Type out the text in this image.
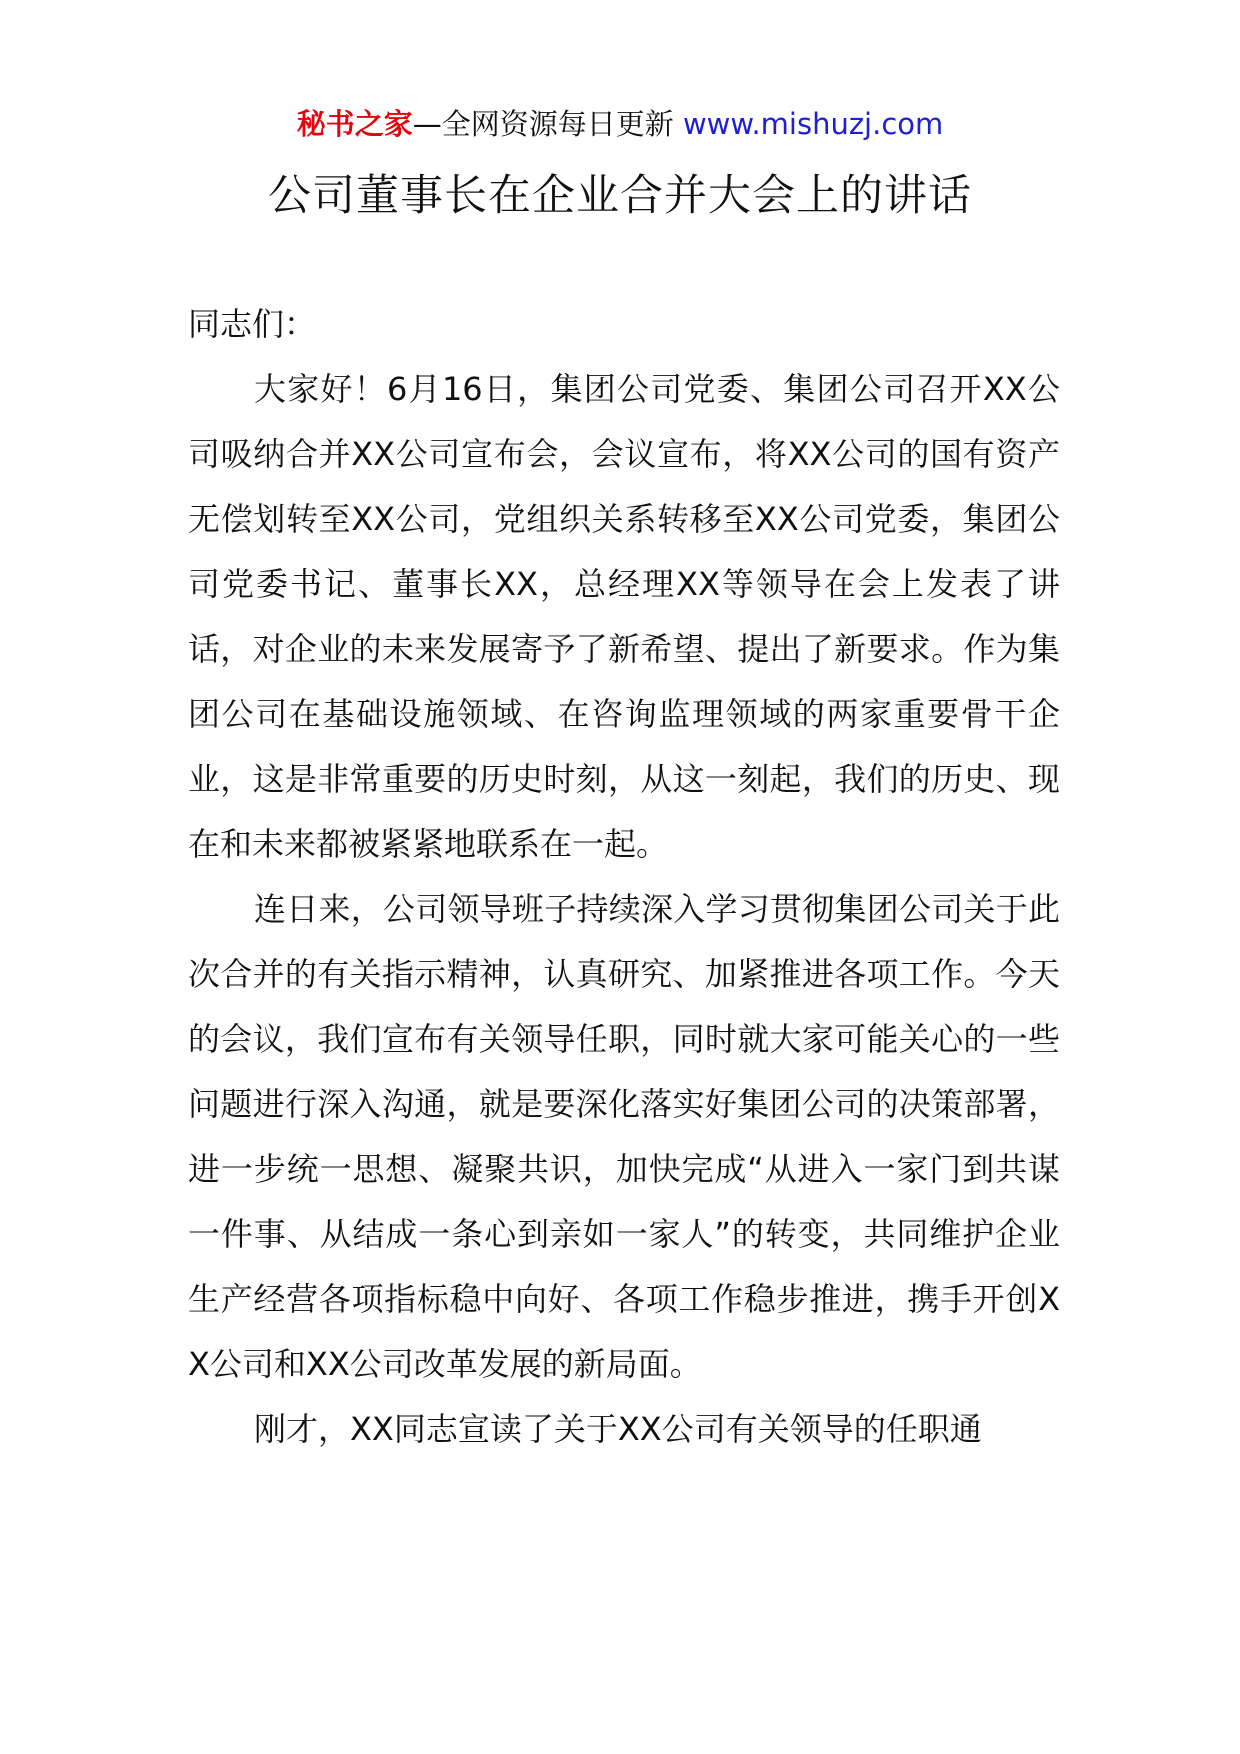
秘书之家—全网资源每日更新 www.mishuzj.com
公司董事长在企业合并大会上的讲话

同志们：

大家好！6月16日，集团公司党委、集团公司召开XX公司吸纳合并XX公司宣布会，会议宣布，将XX公司的国有资产无偿划转至XX公司，党组织关系转移至XX公司党委，集团公司党委书记、董事长XX，总经理XX等领导在会上发表了讲话，对企业的未来发展寄予了新希望、提出了新要求。作为集团公司在基础设施领域、在咨询监理领域的两家重要骨干企业，这是非常重要的历史时刻，从这一刻起，我们的历史、现在和未来都被紧紧地联系在一起。

连日来，公司领导班子持续深入学习贯彻集团公司关于此次合并的有关指示精神，认真研究、加紧推进各项工作。今天的会议，我们宣布有关领导任职，同时就大家可能关心的一些问题进行深入沟通，就是要深化落实好集团公司的决策部署，进一步统一思想、凝聚共识，加快完成“从进入一家门到共谋一件事、从结成一条心到亲如一家人”的转变，共同维护企业生产经营各项指标稳中向好、各项工作稳步推进，携手开创XX公司和XX公司改革发展的新局面。

刚才，XX同志宣读了关于XX公司有关领导的任职通
